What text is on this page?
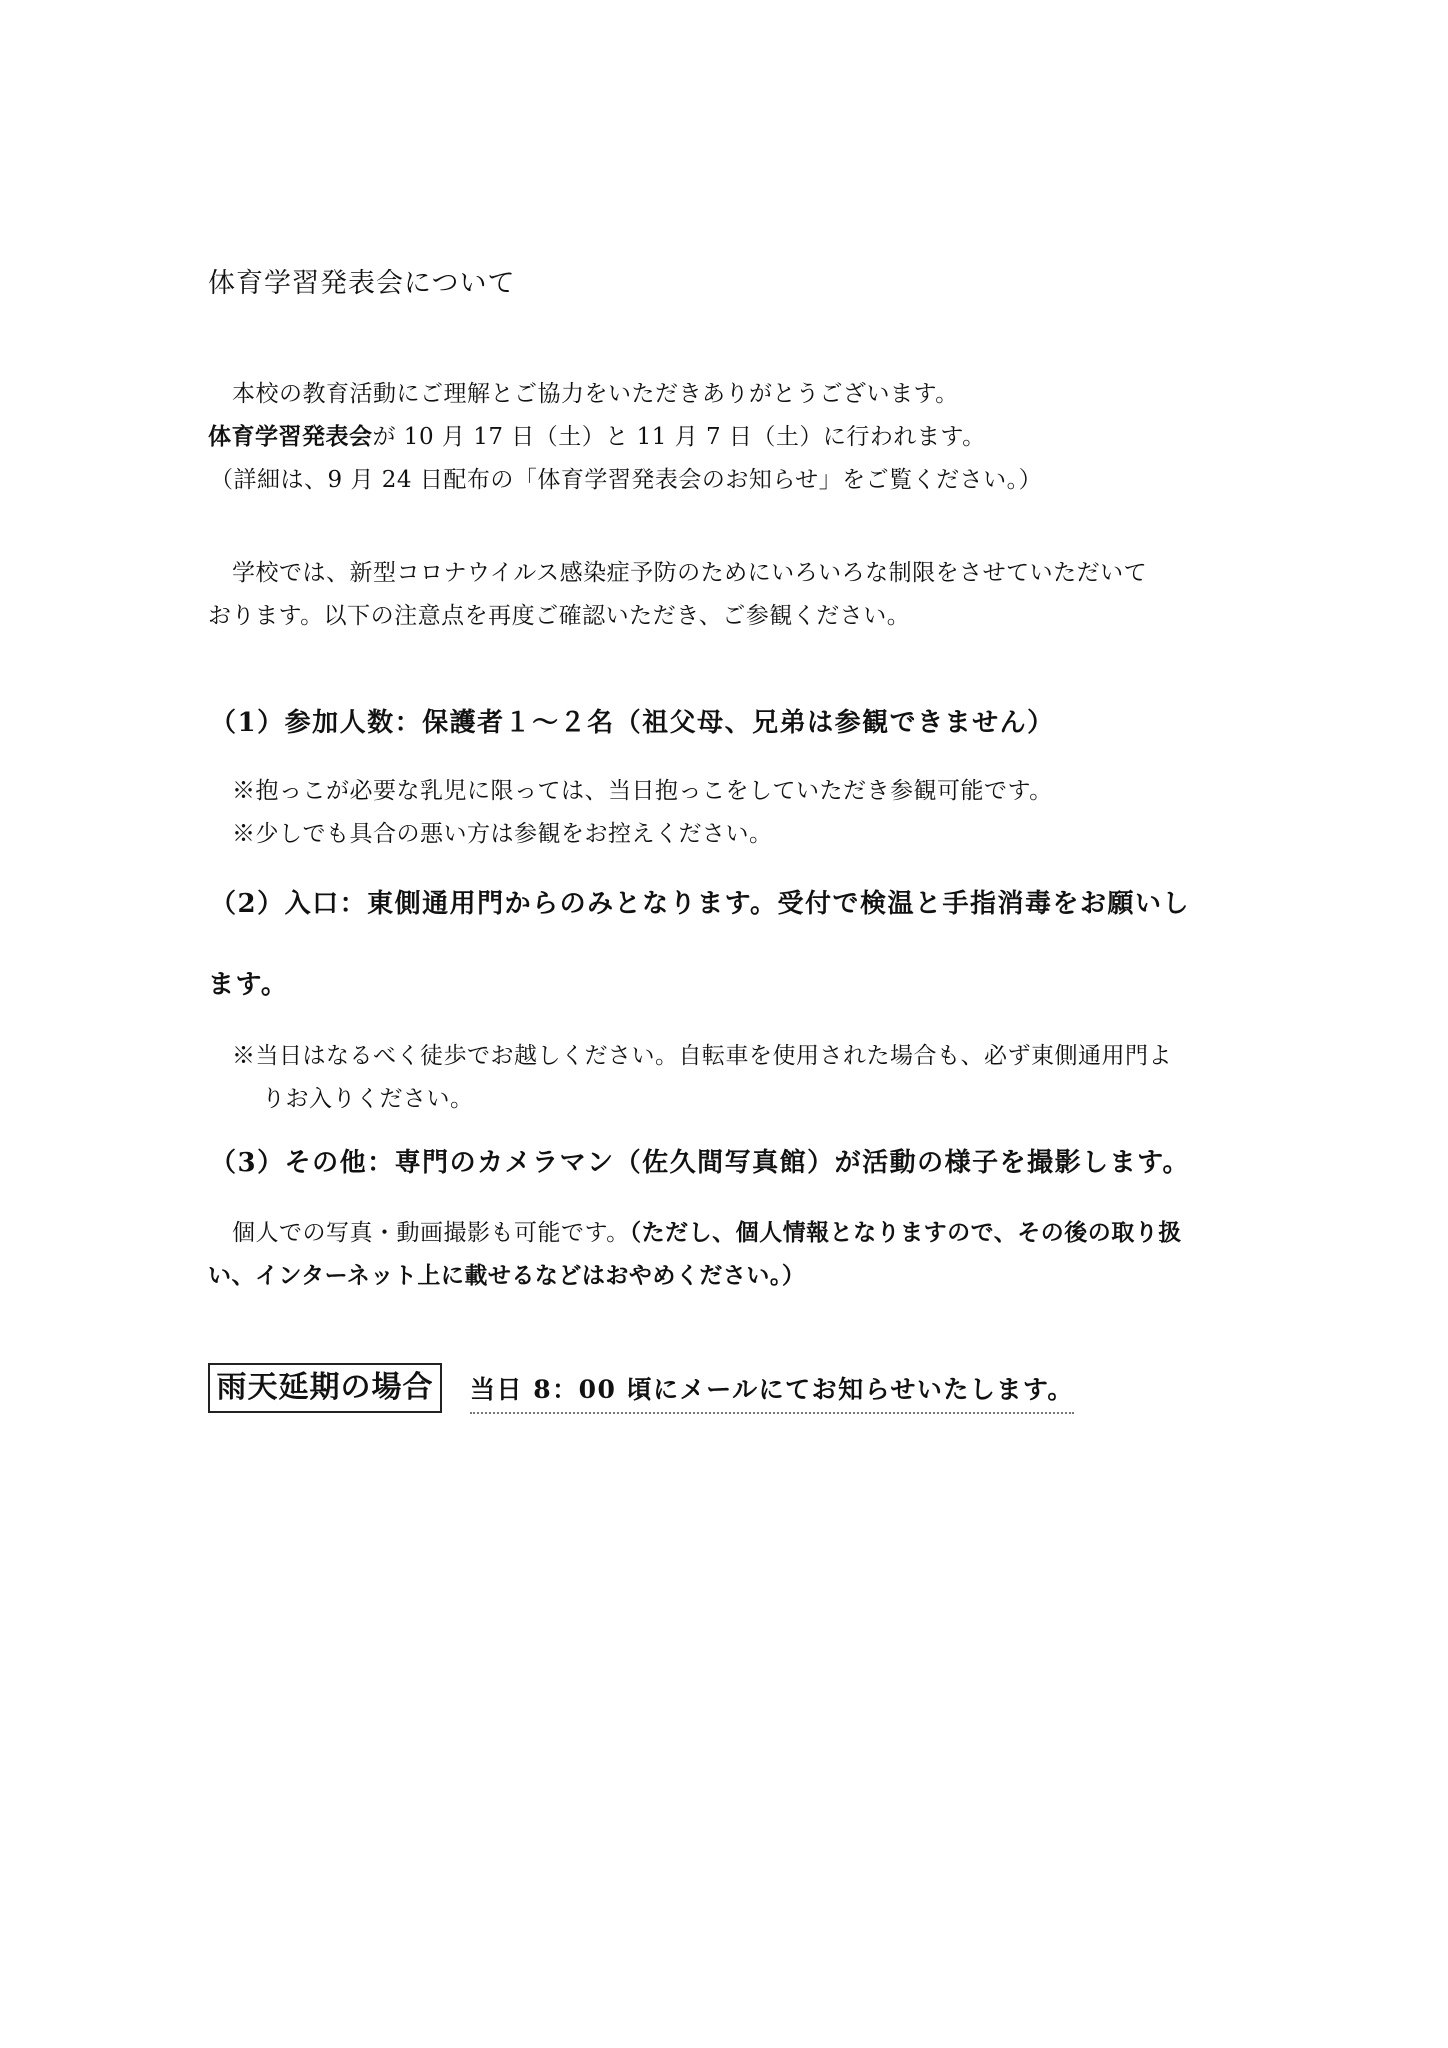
体育学習発表会について
本校の教育活動にご理解とご協力をいただきありがとうございます。
体育学習発表会が 10 月 17 日（土）と 11 月 7 日（土）に行われます。
（詳細は、9 月 24 日配布の「体育学習発表会のお知らせ」をご覧ください。）
学校では、新型コロナウイルス感染症予防のためにいろいろな制限をさせていただいて
おります。以下の注意点を再度ご確認いただき、ご参観ください。
（1）参加人数：保護者１～２名（祖父母、兄弟は参観できません）
※抱っこが必要な乳児に限っては、当日抱っこをしていただき参観可能です。
※少しでも具合の悪い方は参観をお控えください。
（2）入口：東側通用門からのみとなります。受付で検温と手指消毒をお願いし
ます。
※当日はなるべく徒歩でお越しください。自転車を使用された場合も、必ず東側通用門よ
りお入りください。
（3）その他：専門のカメラマン（佐久間写真館）が活動の様子を撮影します。
個人での写真・動画撮影も可能です。（ただし、個人情報となりますので、その後の取り扱
い、インターネット上に載せるなどはおやめください。）
雨天延期の場合	当日 8：00 頃にメールにてお知らせいたします。
